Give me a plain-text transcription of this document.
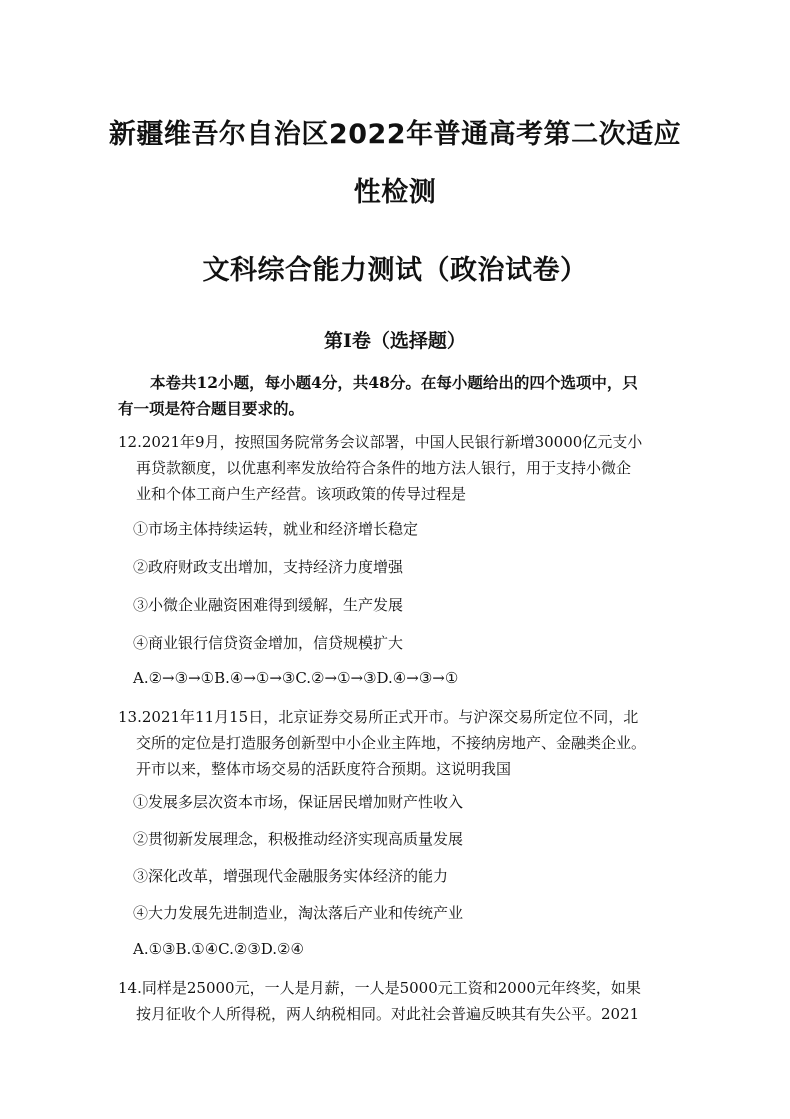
新疆维吾尔自治区2022年普通高考第二次适应
性检测
文科综合能力测试（政治试卷）
第Ⅰ卷（选择题）
本卷共12小题，每小题4分，共48分。在每小题给出的四个选项中，只
有一项是符合题目要求的。
12.2021年9月，按照国务院常务会议部署，中国人民银行新增30000亿元支小
再贷款额度，以优惠利率发放给符合条件的地方法人银行，用于支持小微企
业和个体工商户生产经营。该项政策的传导过程是
①市场主体持续运转，就业和经济增长稳定
②政府财政支出增加，支持经济力度增强
③小微企业融资困难得到缓解，生产发展
④商业银行信贷资金增加，信贷规模扩大
A.②→③→①B.④→①→③C.②→①→③D.④→③→①
13.2021年11月15日，北京证券交易所正式开市。与沪深交易所定位不同，北
交所的定位是打造服务创新型中小企业主阵地，不接纳房地产、金融类企业。
开市以来，整体市场交易的活跃度符合预期。这说明我国
①发展多层次资本市场，保证居民增加财产性收入
②贯彻新发展理念，积极推动经济实现高质量发展
③深化改革，增强现代金融服务实体经济的能力
④大力发展先进制造业，淘汰落后产业和传统产业
A.①③B.①④C.②③D.②④
14.同样是25000元，一人是月薪，一人是5000元工资和2000元年终奖，如果
按月征收个人所得税，两人纳税相同。对此社会普遍反映其有失公平。2021
